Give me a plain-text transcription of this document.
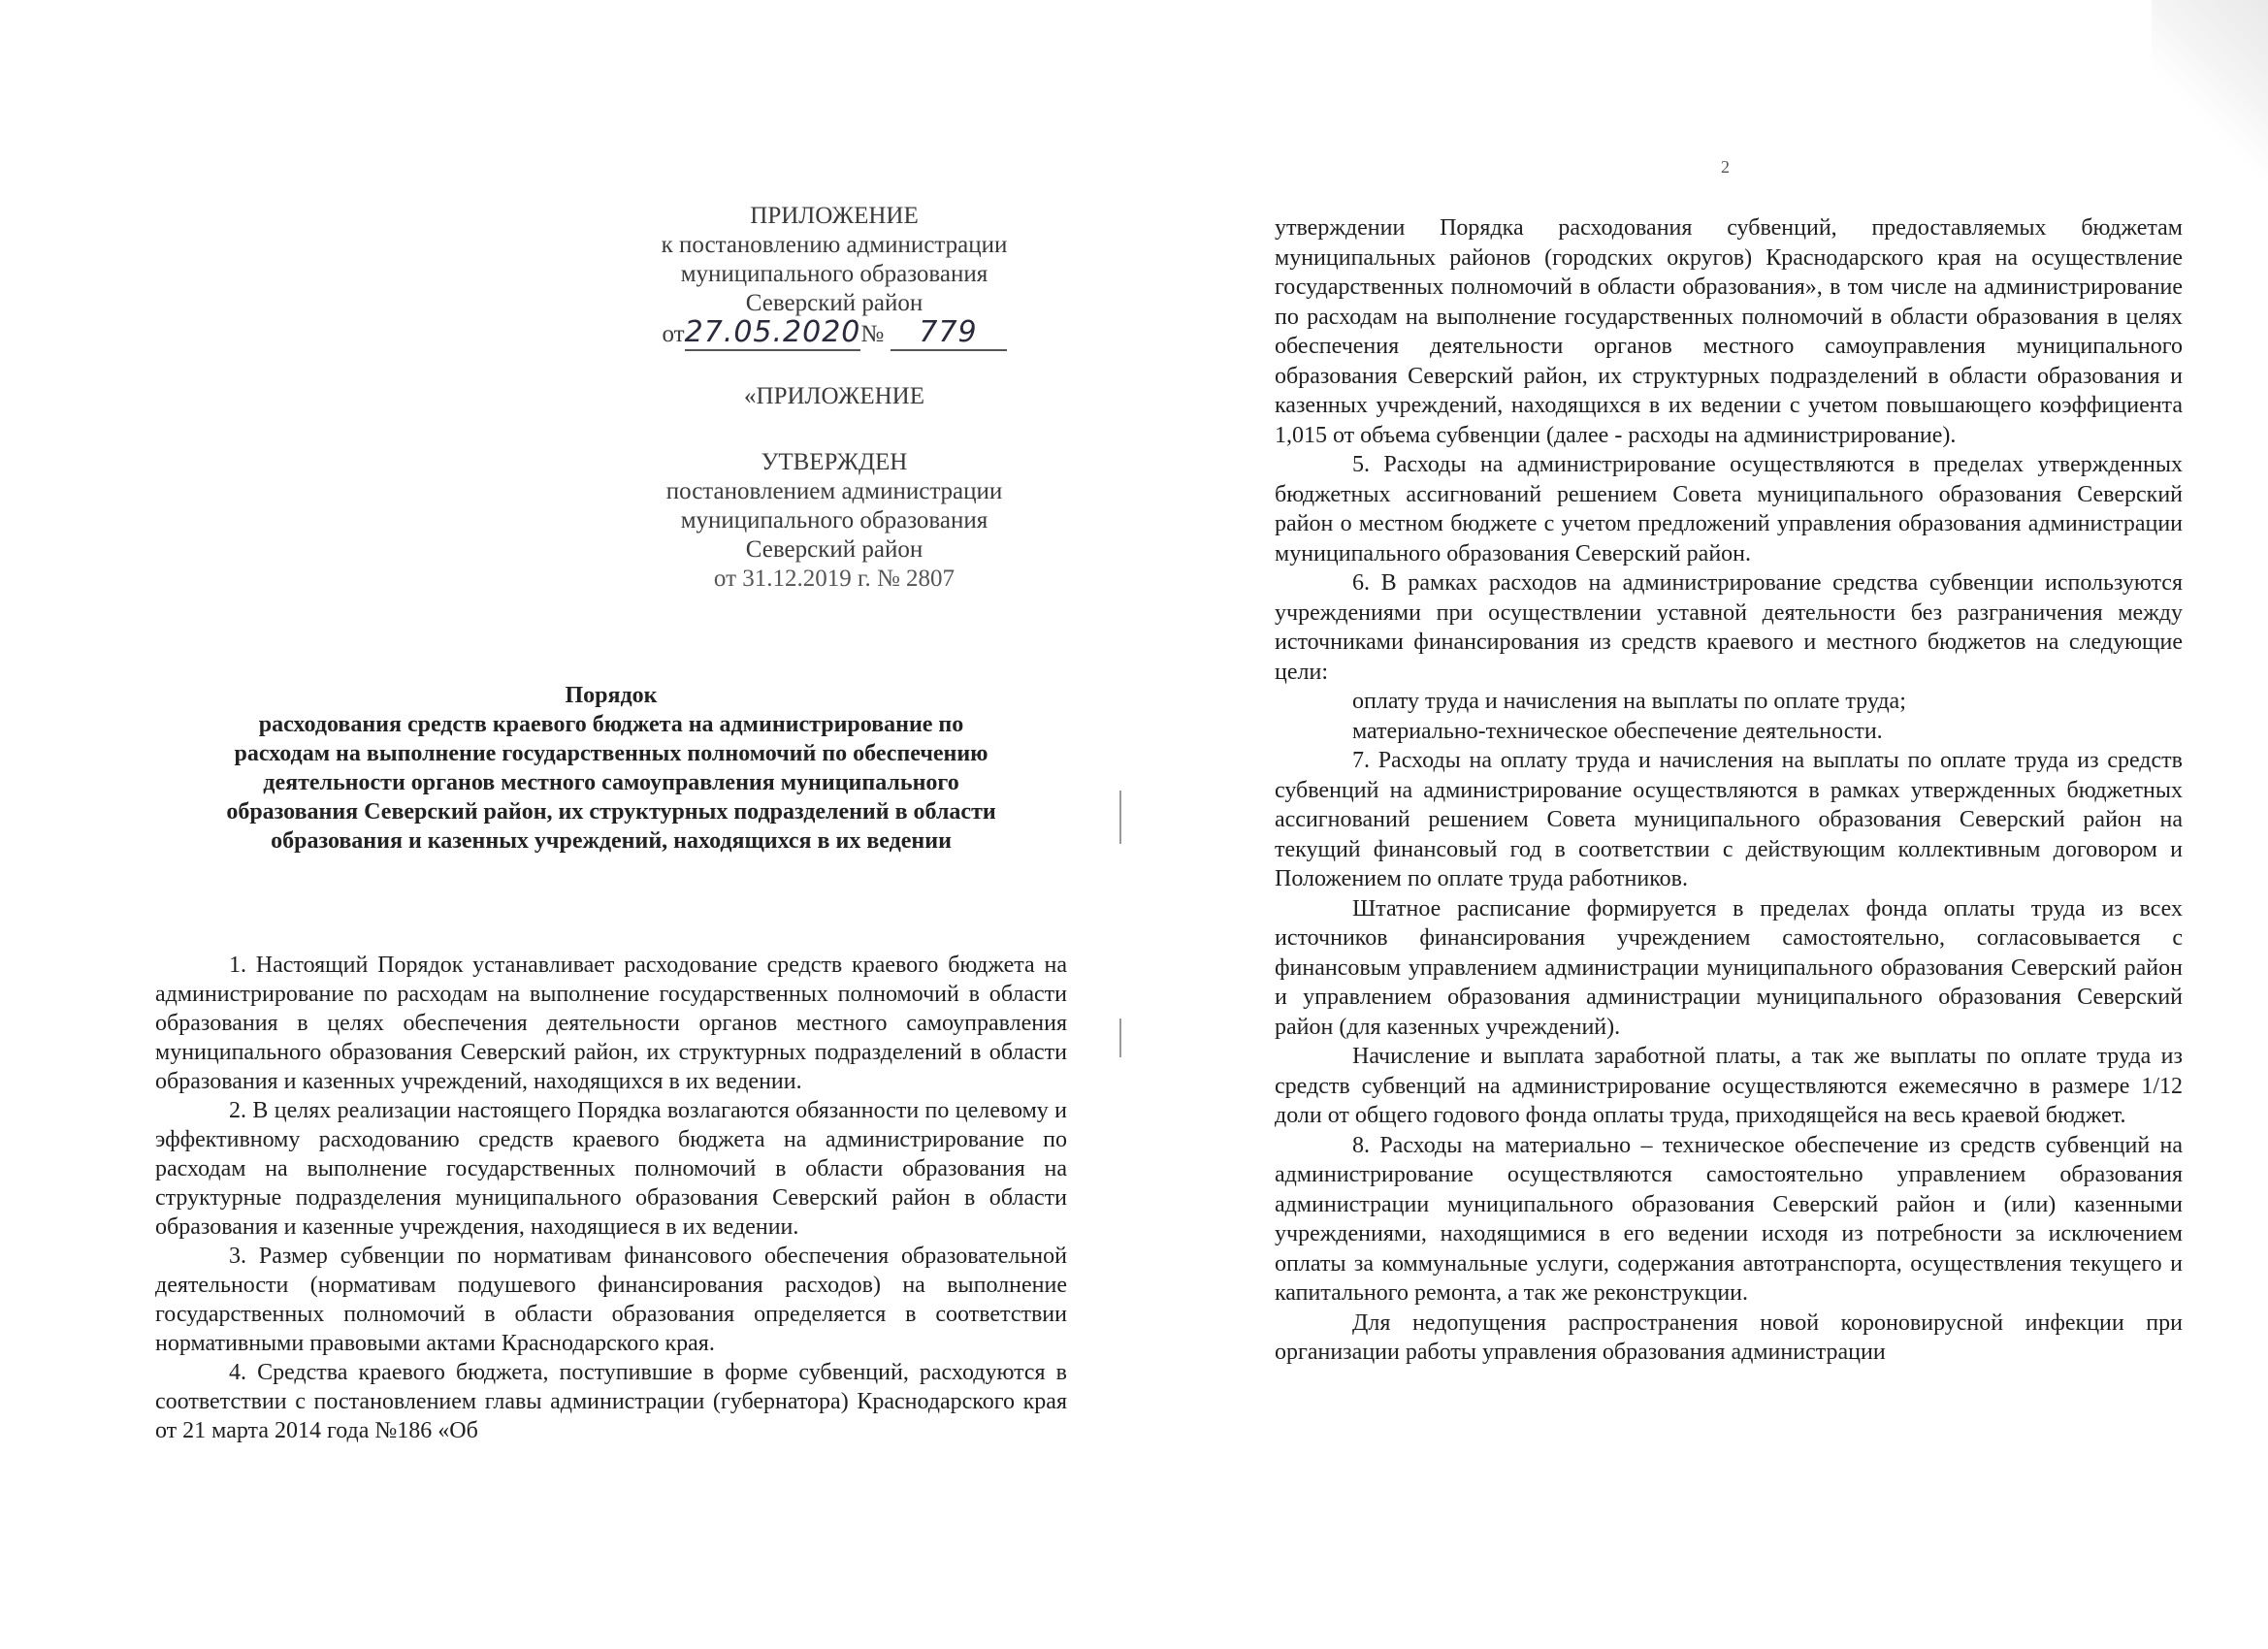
ПРИЛОЖЕНИЕ
к постановлению администрации
муниципального образования
Северский район
от27.05.2020№ 779
«ПРИЛОЖЕНИЕ
УТВЕРЖДЕН
постановлением администрации
муниципального образования
Северский район
от 31.12.2019 г. № 2807
Порядок
расходования средств краевого бюджета на администрирование по
расходам на выполнение государственных полномочий по обеспечению
деятельности органов местного самоуправления муниципального
образования Северский район, их структурных подразделений в области
образования и казенных учреждений, находящихся в их ведении

1. Настоящий Порядок устанавливает расходование средств краевого бюджета на администрирование по расходам на выполнение государственных полномочий в области образования в целях обеспечения деятельности органов местного самоуправления муниципального образования Северский район, их структурных подразделений в области образования и казенных учреждений, находящихся в их ведении.

2. В целях реализации настоящего Порядка возлагаются обязанности по целевому и эффективному расходованию средств краевого бюджета на администрирование по расходам на выполнение государственных полномочий в области образования на структурные подразделения муниципального образования Северский район в области образования и казенные учреждения, находящиеся в их ведении.

3. Размер субвенции по нормативам финансового обеспечения образовательной деятельности (нормативам подушевого финансирования расходов) на выполнение государственных полномочий в области образования определяется в соответствии нормативными правовыми актами Краснодарского края.

4. Средства краевого бюджета, поступившие в форме субвенций, расходуются в соответствии с постановлением главы администрации (губернатора) Краснодарского края от 21 марта 2014 года №186 «Об

2

утверждении Порядка расходования субвенций, предоставляемых бюджетам муниципальных районов (городских округов) Краснодарского края на осуществление государственных полномочий в области образования», в том числе на администрирование по расходам на выполнение государственных полномочий в области образования в целях обеспечения деятельности органов местного самоуправления муниципального образования Северский район, их структурных подразделений в области образования и казенных учреждений, находящихся в их ведении с учетом повышающего коэффициента 1,015 от объема субвенции (далее - расходы на администрирование).

5. Расходы на администрирование осуществляются в пределах утвержденных бюджетных ассигнований решением Совета муниципального образования Северский район о местном бюджете с учетом предложений управления образования администрации муниципального образования Северский район.

6. В рамках расходов на администрирование средства субвенции используются учреждениями при осуществлении уставной деятельности без разграничения между источниками финансирования из средств краевого и местного бюджетов на следующие цели:

оплату труда и начисления на выплаты по оплате труда;

материально-техническое обеспечение деятельности.

7. Расходы на оплату труда и начисления на выплаты по оплате труда из средств субвенций на администрирование осуществляются в рамках утвержденных бюджетных ассигнований решением Совета муниципального образования Северский район на текущий финансовый год в соответствии с действующим коллективным договором и Положением по оплате труда работников.

Штатное расписание формируется в пределах фонда оплаты труда из всех источников финансирования учреждением самостоятельно, согласовывается с финансовым управлением администрации муниципального образования Северский район и управлением образования администрации муниципального образования Северский район (для казенных учреждений).

Начисление и выплата заработной платы, а так же выплаты по оплате труда из средств субвенций на администрирование осуществляются ежемесячно в размере 1/12 доли от общего годового фонда оплаты труда, приходящейся на весь краевой бюджет.

8. Расходы на материально – техническое обеспечение из средств субвенций на администрирование осуществляются самостоятельно управлением образования администрации муниципального образования Северский район и (или) казенными учреждениями, находящимися в его ведении исходя из потребности за исключением оплаты за коммунальные услуги, содержания автотранспорта, осуществления текущего и капитального ремонта, а так же реконструкции.

Для недопущения распространения новой короновирусной инфекции при организации работы управления образования администрации
